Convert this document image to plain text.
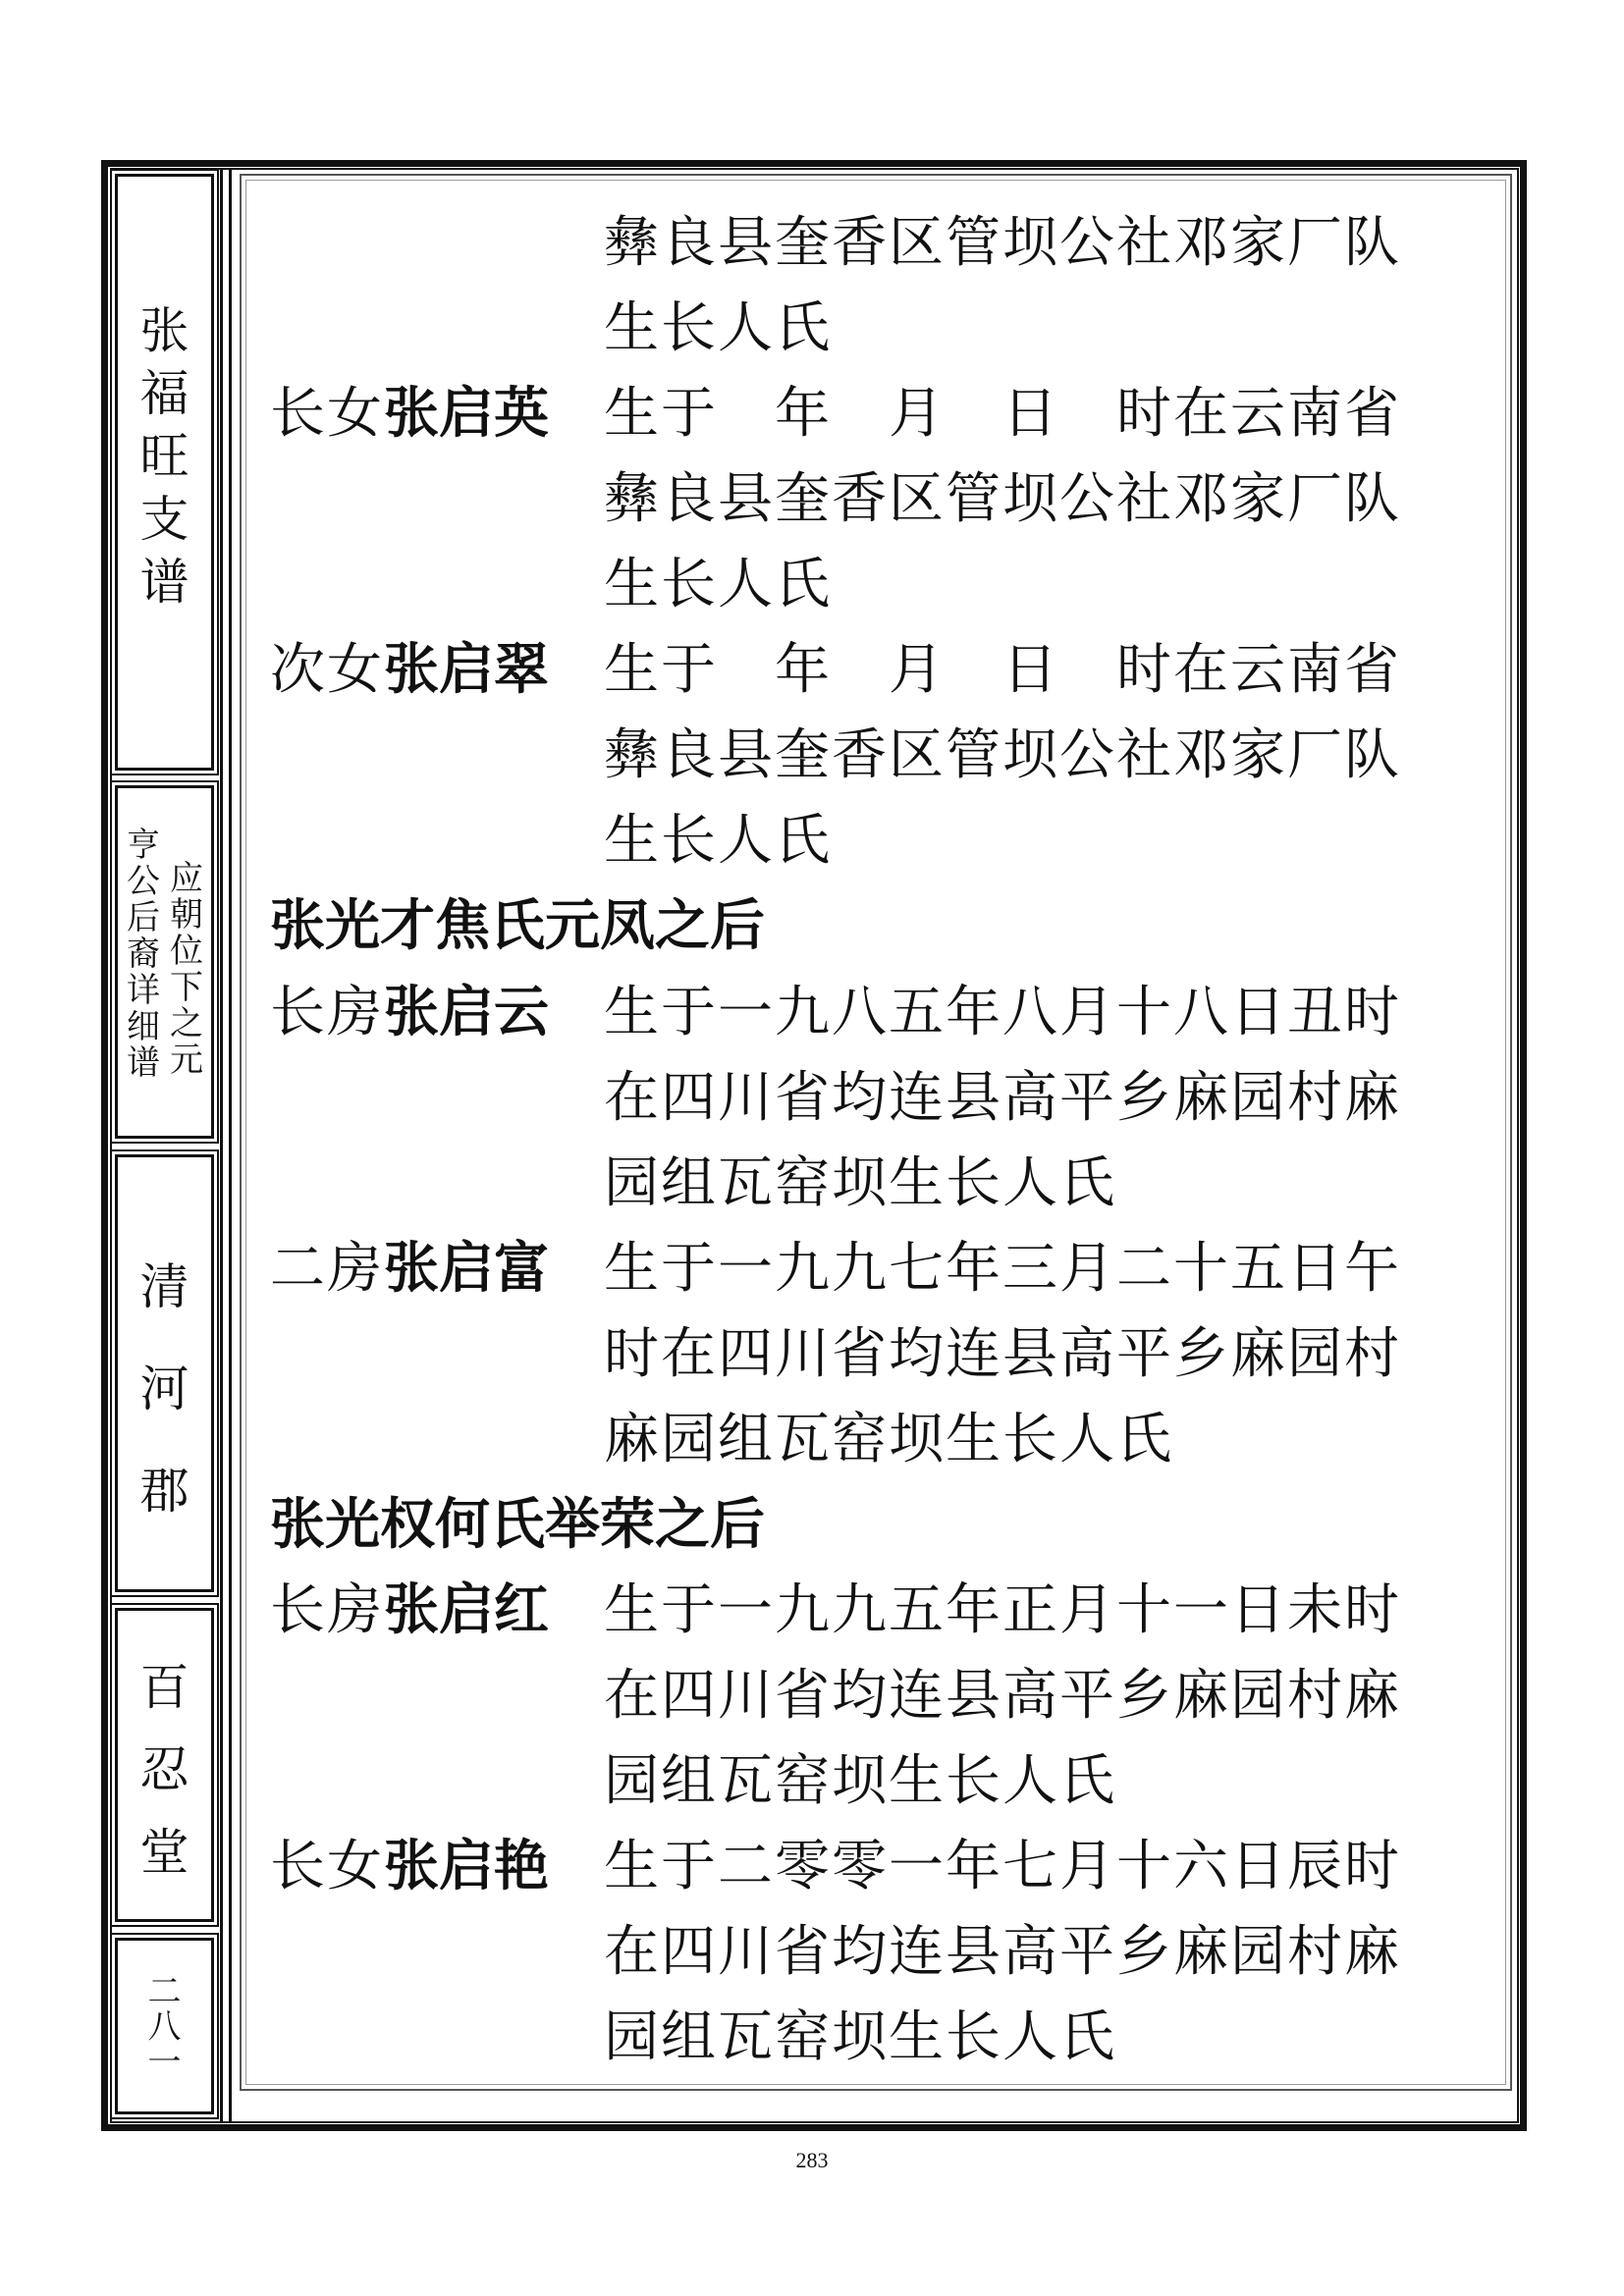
张
福
旺
支
谱
亨
公
后
裔
详
细
谱
应
朝
位
下
之
元
清
河
郡
百
忍
堂
二
八
一
彝良县奎香区管坝公社邓家厂队
生长人氏
长女张启英 生于　年　月　日　时在云南省
彝良县奎香区管坝公社邓家厂队
生长人氏
次女张启翠 生于　年　月　日　时在云南省
彝良县奎香区管坝公社邓家厂队
生长人氏
张光才焦氏元凤之后
长房张启云 生于一九八五年八月十八日丑时
在四川省均连县高平乡麻园村麻
园组瓦窑坝生长人氏
二房张启富 生于一九九七年三月二十五日午
时在四川省均连县高平乡麻园村
麻园组瓦窑坝生长人氏
张光权何氏举荣之后
长房张启红 生于一九九五年正月十一日未时
在四川省均连县高平乡麻园村麻
园组瓦窑坝生长人氏
长女张启艳 生于二零零一年七月十六日辰时
在四川省均连县高平乡麻园村麻
园组瓦窑坝生长人氏
283
